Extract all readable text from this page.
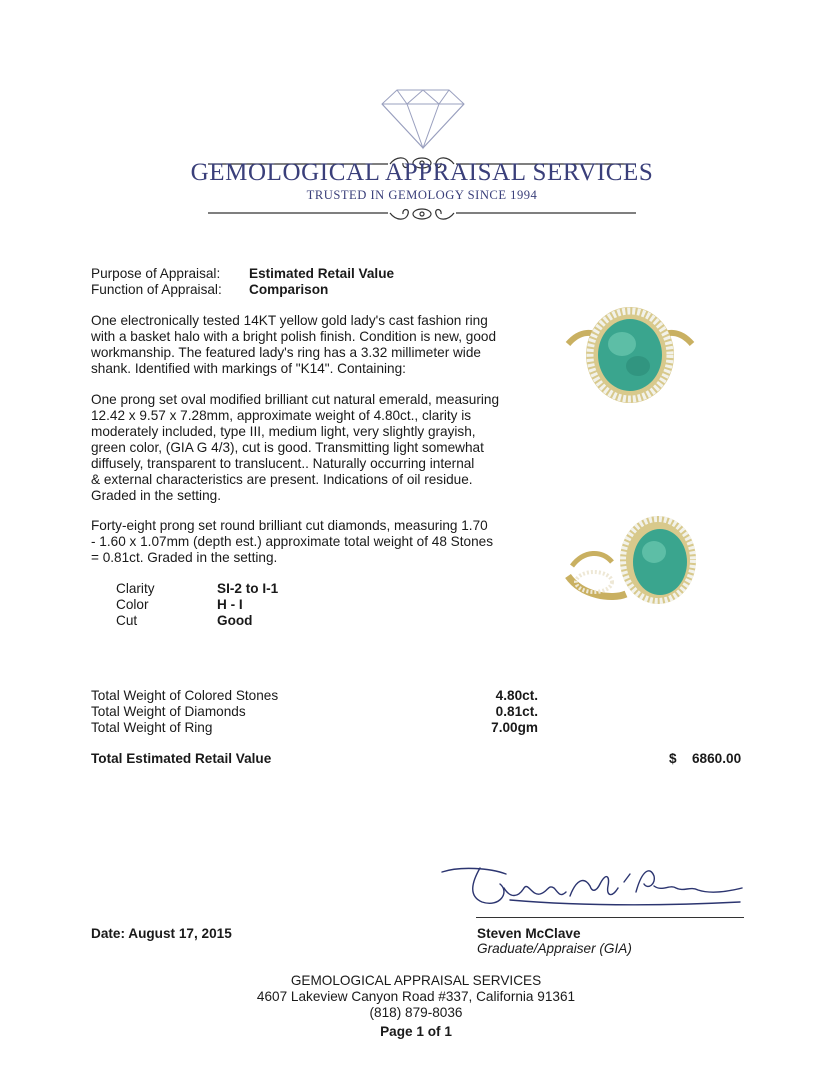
GEMOLOGICAL APPRAISAL SERVICES
TRUSTED IN GEMOLOGY SINCE 1994
Purpose of Appraisal: Estimated Retail Value
Function of Appraisal: Comparison
One electronically tested 14KT yellow gold lady's cast fashion ring
with a basket halo with a bright polish finish. Condition is new, good
workmanship. The featured lady's ring has a 3.32 millimeter wide
shank. Identified with markings of "K14". Containing:
One prong set oval modified brilliant cut natural emerald, measuring
12.42 x 9.57 x 7.28mm, approximate weight of 4.80ct., clarity is
moderately included, type III, medium light, very slightly grayish,
green color, (GIA G 4/3), cut is good. Transmitting light somewhat
diffusely, transparent to translucent.. Naturally occurring internal
& external characteristics are present. Indications of oil residue.
Graded in the setting.
Forty-eight prong set round brilliant cut diamonds, measuring 1.70
- 1.60 x 1.07mm (depth est.) approximate total weight of 48 Stones
= 0.81ct. Graded in the setting.
Clarity	SI-2 to I-1
Color	H - I
Cut	Good
Total Weight of Colored Stones	4.80ct.
Total Weight of Diamonds	0.81ct.
Total Weight of Ring	7.00gm
Total Estimated Retail Value	$ 6860.00
Date: August 17, 2015	Steven McClave
Graduate/Appraiser (GIA)
GEMOLOGICAL APPRAISAL SERVICES
4607 Lakeview Canyon Road #337, California 91361
(818) 879-8036
Page 1 of 1
